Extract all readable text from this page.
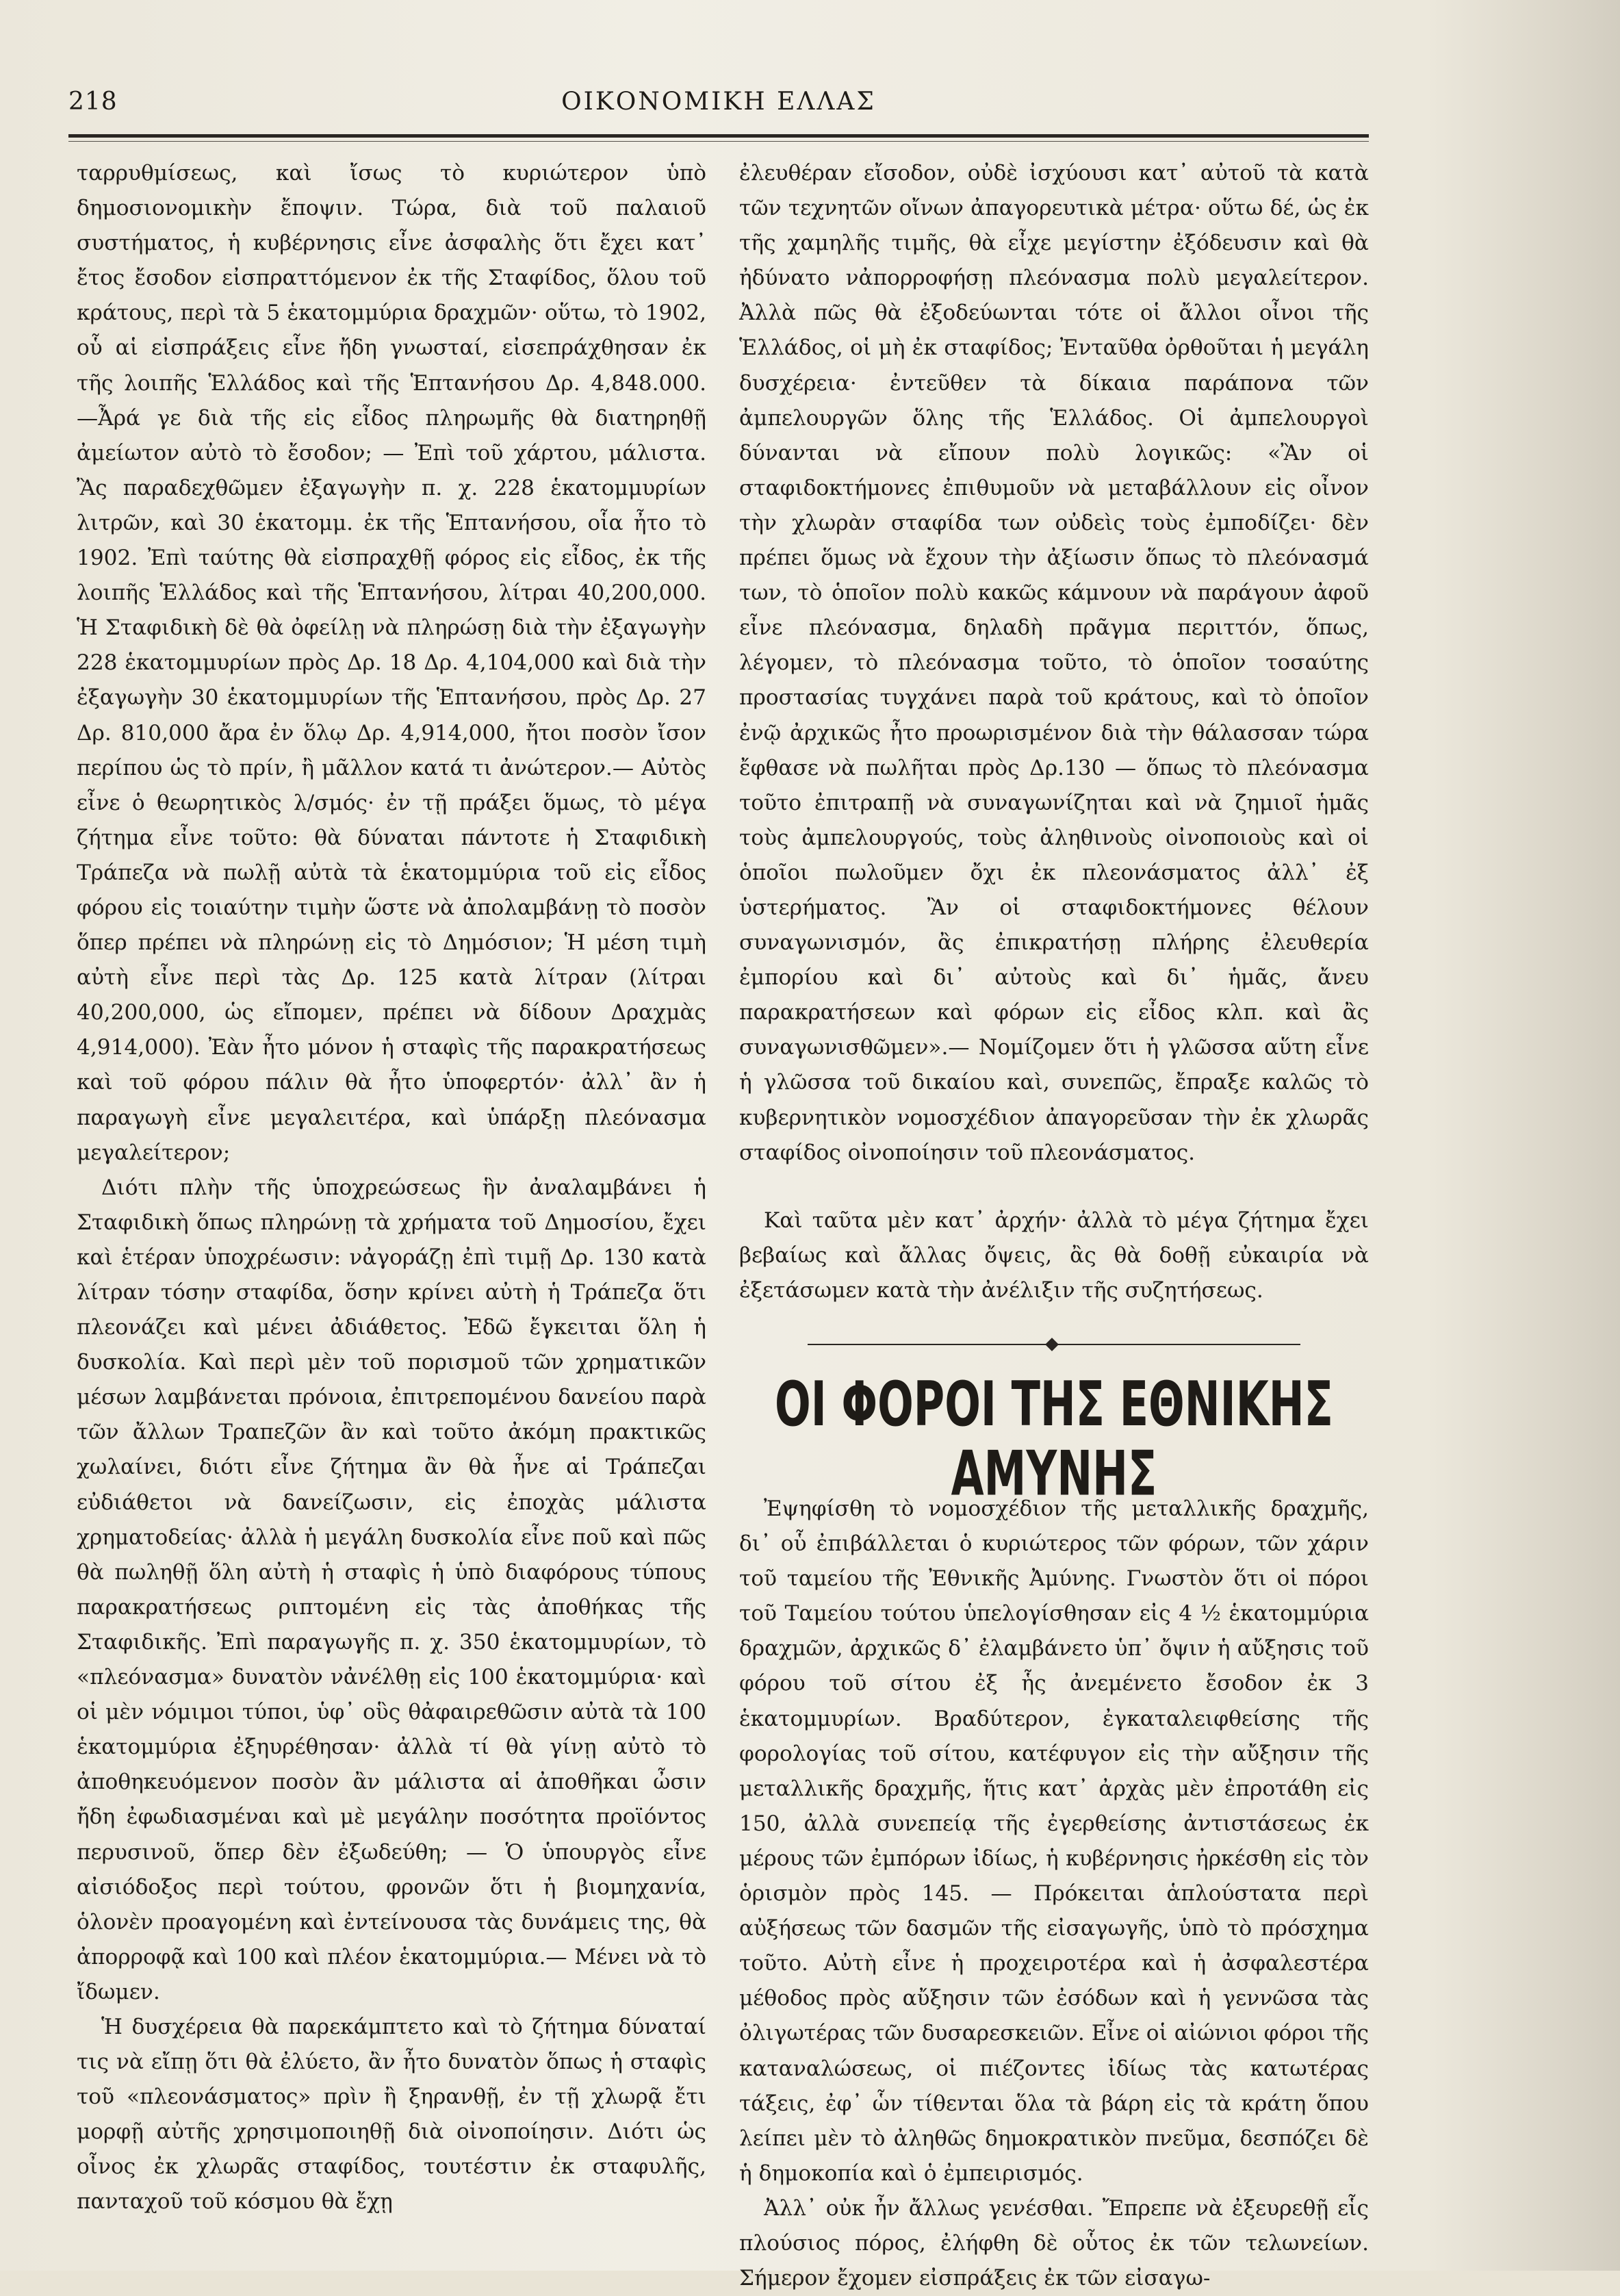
218	ΟΙΚΟΝΟΜΙΚΗ ΕΛΛΑΣ

ταρρυθμίσεως, καὶ ἴσως τὸ κυριώτερον ὑπὸ δημοσιονομικὴν ἔποψιν. Τώρα, διὰ τοῦ παλαιοῦ συστήματος, ἡ κυβέρνησις εἶνε ἀσφαλὴς ὅτι ἔχει κατ᾽ ἔτος ἔσοδον εἰσπραττόμενον ἐκ τῆς Σταφίδος, ὅλου τοῦ κράτους, περὶ τὰ 5 ἑκατομμύρια δραχμῶν· οὕτω, τὸ 1902, οὗ αἱ εἰσπράξεις εἶνε ἤδη γνωσταί, εἰσεπράχθησαν ἐκ τῆς λοιπῆς Ἑλλάδος καὶ τῆς Ἑπτανήσου Δρ. 4,848.000. —Ἆρά γε διὰ τῆς εἰς εἶδος πληρωμῆς θὰ διατηρηθῇ ἀμείωτον αὐτὸ τὸ ἔσοδον; — Ἐπὶ τοῦ χάρτου, μάλιστα. Ἂς παραδεχθῶμεν ἐξαγωγὴν π. χ. 228 ἑκατομμυρίων λιτρῶν, καὶ 30 ἑκατομμ. ἐκ τῆς Ἑπτανήσου, οἷα ἦτο τὸ 1902. Ἐπὶ ταύτης θὰ εἰσπραχθῇ φόρος εἰς εἶδος, ἐκ τῆς λοιπῆς Ἑλλάδος καὶ τῆς Ἑπτανήσου, λίτραι 40,200,000. Ἡ Σταφιδικὴ δὲ θὰ ὀφείλῃ νὰ πληρώσῃ διὰ τὴν ἐξαγωγὴν 228 ἑκατομμυρίων πρὸς Δρ. 18 Δρ. 4,104,000 καὶ διὰ τὴν ἐξαγωγὴν 30 ἑκατομμυρίων τῆς Ἑπτανήσου, πρὸς Δρ. 27 Δρ. 810,000 ἄρα ἐν ὅλῳ Δρ. 4,914,000, ἤτοι ποσὸν ἴσον περίπου ὡς τὸ πρίν, ἢ μᾶλλον κατά τι ἀνώτερον.— Αὐτὸς εἶνε ὁ θεωρητικὸς λ/σμός· ἐν τῇ πράξει ὅμως, τὸ μέγα ζήτημα εἶνε τοῦτο: θὰ δύναται πάντοτε ἡ Σταφιδικὴ Τράπεζα νὰ πωλῇ αὐτὰ τὰ ἑκατομμύρια τοῦ εἰς εἶδος φόρου εἰς τοιαύτην τιμὴν ὥστε νὰ ἀπολαμβάνῃ τὸ ποσὸν ὅπερ πρέπει νὰ πληρώνῃ εἰς τὸ Δημόσιον; Ἡ μέση τιμὴ αὐτὴ εἶνε περὶ τὰς Δρ. 125 κατὰ λίτραν (λίτραι 40,200,000, ὡς εἴπομεν, πρέπει νὰ δίδουν Δραχμὰς 4,914,000). Ἐὰν ἦτο μόνον ἡ σταφὶς τῆς παρακρατήσεως καὶ τοῦ φόρου πάλιν θὰ ἦτο ὑποφερτόν· ἀλλ᾽ ἂν ἡ παραγωγὴ εἶνε μεγαλειτέρα, καὶ ὑπάρξῃ πλεόνασμα μεγαλείτερον;

Διότι πλὴν τῆς ὑποχρεώσεως ἣν ἀναλαμβάνει ἡ Σταφιδικὴ ὅπως πληρώνῃ τὰ χρήματα τοῦ Δημοσίου, ἔχει καὶ ἑτέραν ὑποχρέωσιν: νἀγοράζῃ ἐπὶ τιμῇ Δρ. 130 κατὰ λίτραν τόσην σταφίδα, ὅσην κρίνει αὐτὴ ἡ Τράπεζα ὅτι πλεονάζει καὶ μένει ἀδιάθετος. Ἐδῶ ἔγκειται ὅλη ἡ δυσκολία. Καὶ περὶ μὲν τοῦ πορισμοῦ τῶν χρηματικῶν μέσων λαμβάνεται πρόνοια, ἐπιτρεπομένου δανείου παρὰ τῶν ἄλλων Τραπεζῶν ἂν καὶ τοῦτο ἀκόμη πρακτικῶς χωλαίνει, διότι εἶνε ζήτημα ἂν θὰ ἦνε αἱ Τράπεζαι εὐδιάθετοι νὰ δανείζωσιν, εἰς ἐποχὰς μάλιστα χρηματοδείας· ἀλλὰ ἡ μεγάλη δυσκολία εἶνε ποῦ καὶ πῶς θὰ πωληθῇ ὅλη αὐτὴ ἡ σταφὶς ἡ ὑπὸ διαφόρους τύπους παρακρατήσεως ριπτομένη εἰς τὰς ἀποθήκας τῆς Σταφιδικῆς. Ἐπὶ παραγωγῆς π. χ. 350 ἑκατομμυρίων, τὸ «πλεόνασμα» δυνατὸν νἀνέλθῃ εἰς 100 ἑκατομμύρια· καὶ οἱ μὲν νόμιμοι τύποι, ὑφ᾽ οὓς θἀφαιρεθῶσιν αὐτὰ τὰ 100 ἑκατομμύρια ἐξηυρέθησαν· ἀλλὰ τί θὰ γίνῃ αὐτὸ τὸ ἀποθηκευόμενον ποσὸν ἂν μάλιστα αἱ ἀποθῆκαι ὦσιν ἤδη ἐφωδιασμέναι καὶ μὲ μεγάλην ποσότητα προϊόντος περυσινοῦ, ὅπερ δὲν ἐξωδεύθη; — Ὁ ὑπουργὸς εἶνε αἰσιόδοξος περὶ τούτου, φρονῶν ὅτι ἡ βιομηχανία, ὁλονὲν προαγομένη καὶ ἐντείνουσα τὰς δυνάμεις της, θὰ ἀπορροφᾷ καὶ 100 καὶ πλέον ἑκατομμύρια.— Μένει νὰ τὸ ἴδωμεν.

Ἡ δυσχέρεια θὰ παρεκάμπτετο καὶ τὸ ζήτημα δύναταί τις νὰ εἴπῃ ὅτι θὰ ἐλύετο, ἂν ἦτο δυνατὸν ὅπως ἡ σταφὶς τοῦ «πλεονάσματος» πρὶν ἢ ξηρανθῇ, ἐν τῇ χλωρᾷ ἔτι μορφῇ αὐτῆς χρησιμοποιηθῇ διὰ οἰνοποίησιν. Διότι ὡς οἶνος ἐκ χλωρᾶς σταφίδος, τουτέστιν ἐκ σταφυλῆς, πανταχοῦ τοῦ κόσμου θὰ ἔχῃ

ἐλευθέραν εἴσοδον, οὐδὲ ἰσχύουσι κατ᾽ αὐτοῦ τὰ κατὰ τῶν τεχνητῶν οἴνων ἀπαγορευτικὰ μέτρα· οὕτω δέ, ὡς ἐκ τῆς χαμηλῆς τιμῆς, θὰ εἶχε μεγίστην ἐξόδευσιν καὶ θὰ ἠδύνατο νἀπορροφήσῃ πλεόνασμα πολὺ μεγαλείτερον. Ἀλλὰ πῶς θὰ ἐξοδεύωνται τότε οἱ ἄλλοι οἶνοι τῆς Ἑλλάδος, οἱ μὴ ἐκ σταφίδος; Ἐνταῦθα ὀρθοῦται ἡ μεγάλη δυσχέρεια· ἐντεῦθεν τὰ δίκαια παράπονα τῶν ἀμπελουργῶν ὅλης τῆς Ἑλλάδος. Οἱ ἀμπελουργοὶ δύνανται νὰ εἴπουν πολὺ λογικῶς: «Ἂν οἱ σταφιδοκτήμονες ἐπιθυμοῦν νὰ μεταβάλλουν εἰς οἶνον τὴν χλωρὰν σταφίδα των οὐδεὶς τοὺς ἐμποδίζει· δὲν πρέπει ὅμως νὰ ἔχουν τὴν ἀξίωσιν ὅπως τὸ πλεόνασμά των, τὸ ὁποῖον πολὺ κακῶς κάμνουν νὰ παράγουν ἀφοῦ εἶνε πλεόνασμα, δηλαδὴ πρᾶγμα περιττόν, ὅπως, λέγομεν, τὸ πλεόνασμα τοῦτο, τὸ ὁποῖον τοσαύτης προστασίας τυγχάνει παρὰ τοῦ κράτους, καὶ τὸ ὁποῖον ἐνῷ ἀρχικῶς ἦτο προωρισμένον διὰ τὴν θάλασσαν τώρα ἔφθασε νὰ πωλῆται πρὸς Δρ.130 — ὅπως τὸ πλεόνασμα τοῦτο ἐπιτραπῇ νὰ συναγωνίζηται καὶ νὰ ζημιοῖ ἡμᾶς τοὺς ἀμπελουργούς, τοὺς ἀληθινοὺς οἰνοποιοὺς καὶ οἱ ὁποῖοι πωλοῦμεν ὄχι ἐκ πλεονάσματος ἀλλ᾽ ἐξ ὑστερήματος. Ἂν οἱ σταφιδοκτήμονες θέλουν συναγωνισμόν, ἂς ἐπικρατήσῃ πλήρης ἐλευθερία ἐμπορίου καὶ δι᾽ αὐτοὺς καὶ δι᾽ ἡμᾶς, ἄνευ παρακρατήσεων καὶ φόρων εἰς εἶδος κλπ. καὶ ἂς συναγωνισθῶμεν».— Νομίζομεν ὅτι ἡ γλῶσσα αὕτη εἶνε ἡ γλῶσσα τοῦ δικαίου καὶ, συνεπῶς, ἔπραξε καλῶς τὸ κυβερνητικὸν νομοσχέδιον ἀπαγορεῦσαν τὴν ἐκ χλωρᾶς σταφίδος οἰνοποίησιν τοῦ πλεονάσματος.

Καὶ ταῦτα μὲν κατ᾽ ἀρχήν· ἀλλὰ τὸ μέγα ζήτημα ἔχει βεβαίως καὶ ἄλλας ὄψεις, ἂς θὰ δοθῇ εὐκαιρία νὰ ἐξετάσωμεν κατὰ τὴν ἀνέλιξιν τῆς συζητήσεως.

ΟΙ ΦΟΡΟΙ ΤΗΣ ΕΘΝΙΚΗΣ ΑΜΥΝΗΣ

Ἐψηφίσθη τὸ νομοσχέδιον τῆς μεταλλικῆς δραχμῆς, δι᾽ οὗ ἐπιβάλλεται ὁ κυριώτερος τῶν φόρων, τῶν χάριν τοῦ ταμείου τῆς Ἐθνικῆς Ἀμύνης. Γνωστὸν ὅτι οἱ πόροι τοῦ Ταμείου τούτου ὑπελογίσθησαν εἰς 4 ½ ἑκατομμύρια δραχμῶν, ἀρχικῶς δ᾽ ἐλαμβάνετο ὑπ᾽ ὄψιν ἡ αὔξησις τοῦ φόρου τοῦ σίτου ἐξ ἧς ἀνεμένετο ἔσοδον ἐκ 3 ἑκατομμυρίων. Βραδύτερον, ἐγκαταλειφθείσης τῆς φορολογίας τοῦ σίτου, κατέφυγον εἰς τὴν αὔξησιν τῆς μεταλλικῆς δραχμῆς, ἥτις κατ᾽ ἀρχὰς μὲν ἐπροτάθη εἰς 150, ἀλλὰ συνεπείᾳ τῆς ἐγερθείσης ἀντιστάσεως ἐκ μέρους τῶν ἐμπόρων ἰδίως, ἡ κυβέρνησις ἠρκέσθη εἰς τὸν ὁρισμὸν πρὸς 145. — Πρόκειται ἁπλούστατα περὶ αὐξήσεως τῶν δασμῶν τῆς εἰσαγωγῆς, ὑπὸ τὸ πρόσχημα τοῦτο. Αὐτὴ εἶνε ἡ προχειροτέρα καὶ ἡ ἀσφαλεστέρα μέθοδος πρὸς αὔξησιν τῶν ἐσόδων καὶ ἡ γεννῶσα τὰς ὀλιγωτέρας τῶν δυσαρεσκειῶν. Εἶνε οἱ αἰώνιοι φόροι τῆς καταναλώσεως, οἱ πιέζοντες ἰδίως τὰς κατωτέρας τάξεις, ἐφ᾽ ὧν τίθενται ὅλα τὰ βάρη εἰς τὰ κράτη ὅπου λείπει μὲν τὸ ἀληθῶς δημοκρατικὸν πνεῦμα, δεσπόζει δὲ ἡ δημοκοπία καὶ ὁ ἐμπειρισμός.

Ἀλλ᾽ οὐκ ἦν ἄλλως γενέσθαι. Ἔπρεπε νὰ ἐξευρεθῇ εἷς πλούσιος πόρος, ἐλήφθη δὲ οὗτος ἐκ τῶν τελωνείων. Σήμερον ἔχομεν εἰσπράξεις ἐκ τῶν εἰσαγω-
